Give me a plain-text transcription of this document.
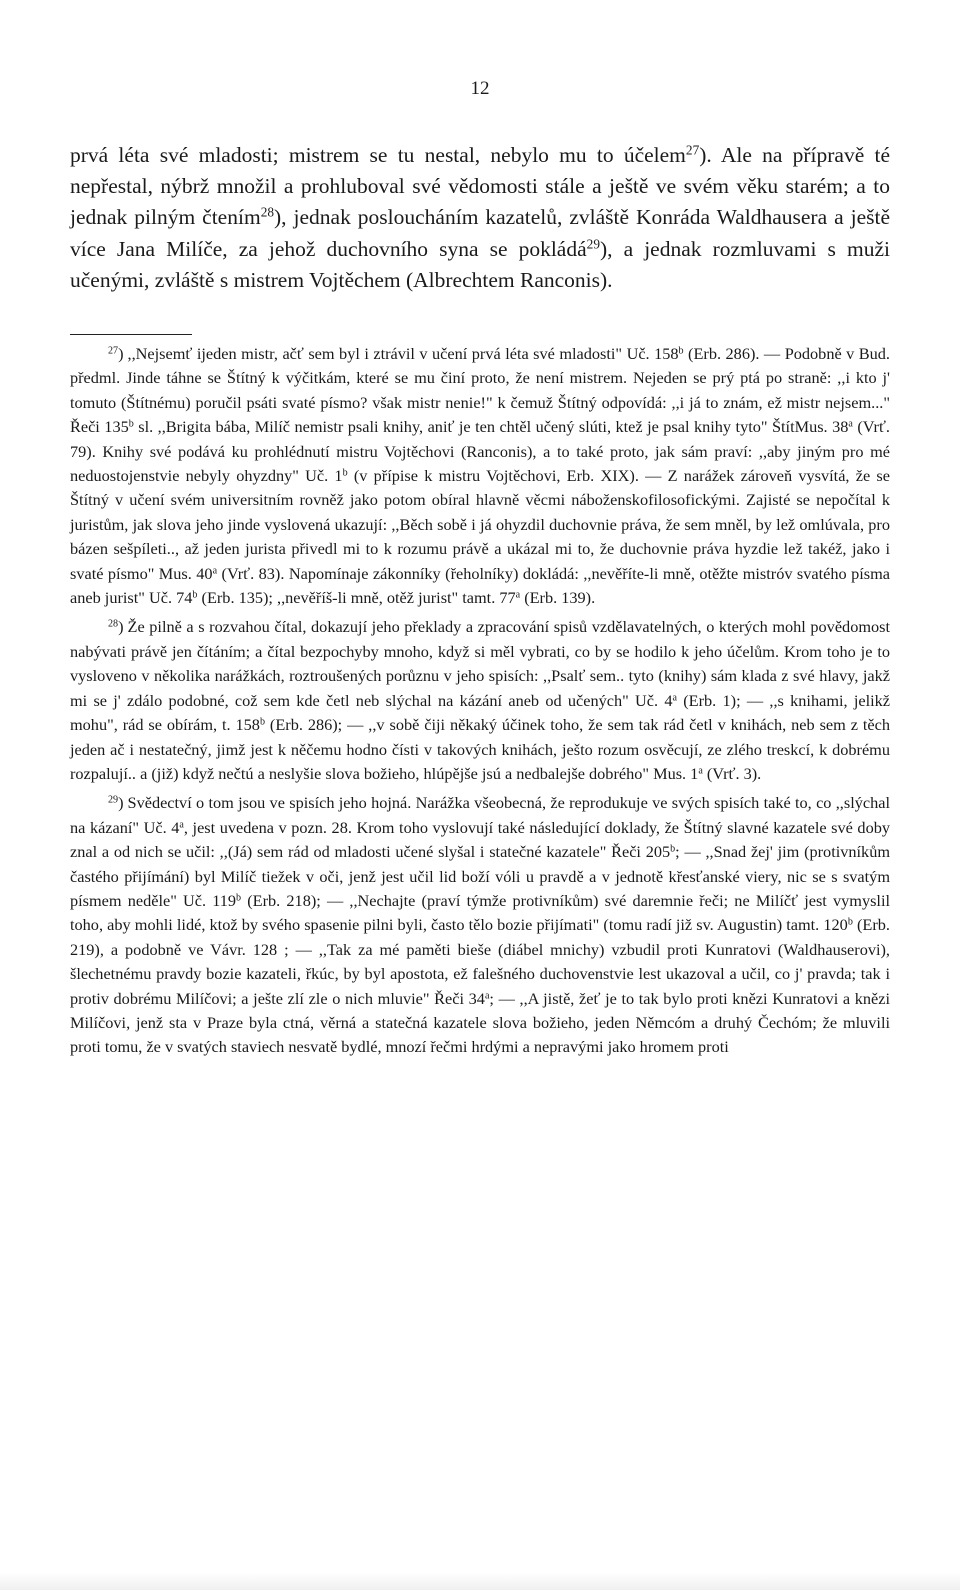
12

prvá léta své mladosti; mistrem se tu nestal, nebylo mu to účelem$^{27}$). Ale na přípravě té nepřestal, nýbrž množil a prohluboval své vědomosti stále a ještě ve svém věku starém; a to jednak pilným čtením$^{28}$), jednak posloucháním kazatelů, zvláště Konráda Waldhausera a ještě více Jana Milíče, za jehož duchovního syna se pokládá$^{29}$), a jednak rozmluvami s muži učenými, zvláště s mistrem Vojtěchem (Albrechtem Ranconis).

$^{27}$) ,,Nejsemť ijeden mistr, ačť sem byl i ztrávil v učení prvá léta své mladosti" Uč. 158$^b$ (Erb. 286). — Podobně v Bud. předml. Jinde táhne se Štítný k výčitkám, které se mu činí proto, že není mistrem. Nejeden se prý ptá po straně: ,,i kto j' tomuto (Štítnému) poručil psáti svaté písmo? však mistr nenie!" k čemuž Štítný odpovídá: ,,i já to znám, ež mistr nejsem..." Řeči 135$^b$ sl. ,,Brigita bába, Milíč nemistr psali knihy, aniť je ten chtěl učený slúti, ktež je psal knihy tyto" ŠtítMus. 38$^a$ (Vrť. 79). Knihy své podává ku prohlédnutí mistru Vojtěchovi (Ranconis), a to také proto, jak sám praví: ,,aby jiným pro mé neduostojenstvie nebyly ohyzdny" Uč. 1$^b$ (v přípise k mistru Vojtěchovi, Erb. XIX). — Z narážek zároveň vysvítá, že se Štítný v učení svém universitním rovněž jako potom obíral hlavně věcmi náboženskofilosofickými. Zajisté se nepočítal k juristům, jak slova jeho jinde vyslovená ukazují: ,,Běch sobě i já ohyzdil duchovnie práva, že sem mněl, by lež omlúvala, pro bázen sešpíleti.., až jeden jurista přivedl mi to k rozumu právě a ukázal mi to, že duchovnie práva hyzdie lež takéž, jako i svaté písmo" Mus. 40$^a$ (Vrť. 83). Napomínaje zákonníky (řeholníky) dokládá: ,,nevěříte-li mně, otěžte mistróv svatého písma aneb jurist" Uč. 74$^b$ (Erb. 135); ,,nevěříš-li mně, otěž jurist" tamt. 77$^a$ (Erb. 139).

$^{28}$) Že pilně a s rozvahou čítal, dokazují jeho překlady a zpracování spisů vzdělavatelných, o kterých mohl povědomost nabývati právě jen čítáním; a čítal bezpochyby mnoho, když si měl vybrati, co by se hodilo k jeho účelům. Krom toho je to vysloveno v několika narážkách, roztroušených porůznu v jeho spisích: ,,Psalť sem.. tyto (knihy) sám klada z své hlavy, jakž mi se j' zdálo podobné, což sem kde četl neb slýchal na kázání aneb od učených" Uč. 4$^a$ (Erb. 1); — ,,s knihami, jelikž mohu", rád se obírám, t. 158$^b$ (Erb. 286); — ,,v sobě čiji někaký účinek toho, že sem tak rád četl v knihách, neb sem z těch jeden ač i nestatečný, jimž jest k něčemu hodno čísti v takových knihách, ješto rozum osvěcují, ze zlého treskcí, k dobrému rozpalují.. a (již) když nečtú a neslyšie slova božieho, hlúpějše jsú a nedbalejše dobrého" Mus. 1$^a$ (Vrť. 3).

$^{29}$) Svědectví o tom jsou ve spisích jeho hojná. Narážka všeobecná, že reprodukuje ve svých spisích také to, co ,,slýchal na kázaní" Uč. 4$^a$, jest uvedena v pozn. 28. Krom toho vyslovují také následující doklady, že Štítný slavné kazatele své doby znal a od nich se učil: ,,(Já) sem rád od mladosti učené slyšal i statečné kazatele" Řeči 205$^b$; — ,,Snad žej' jim (protivníkům častého přijímání) byl Milíč tiežek v oči, jenž jest učil lid boží vóli u pravdě a v jednotě křesťanské viery, nic se s svatým písmem neděle" Uč. 119$^b$ (Erb. 218); — ,,Nechajte (praví týmže protivníkům) své daremnie řeči; ne Milíčť jest vymyslil toho, aby mohli lidé, ktož by svého spasenie pilni byli, často tělo bozie přijímati" (tomu radí již sv. Augustin) tamt. 120$^b$ (Erb. 219), a podobně ve Vávr. 128 ; — ,,Tak za mé paměti bieše (diábel mnichy) vzbudil proti Kunratovi (Waldhauserovi), šlechetnému pravdy bozie kazateli, řkúc, by byl apostota, ež falešného duchovenstvie lest ukazoval a učil, co j' pravda; tak i protiv dobrému Milíčovi; a ješte zlí zle o nich mluvie" Řeči 34$^a$; — ,,A jistě, žeť je to tak bylo proti knězi Kunratovi a knězi Milíčovi, jenž sta v Praze byla ctná, věrná a statečná kazatele slova božieho, jeden Němcóm a druhý Čechóm; že mluvili proti tomu, že v svatých staviech nesvatě bydlé, mnozí řečmi hrdými a nepravými jako hromem proti
